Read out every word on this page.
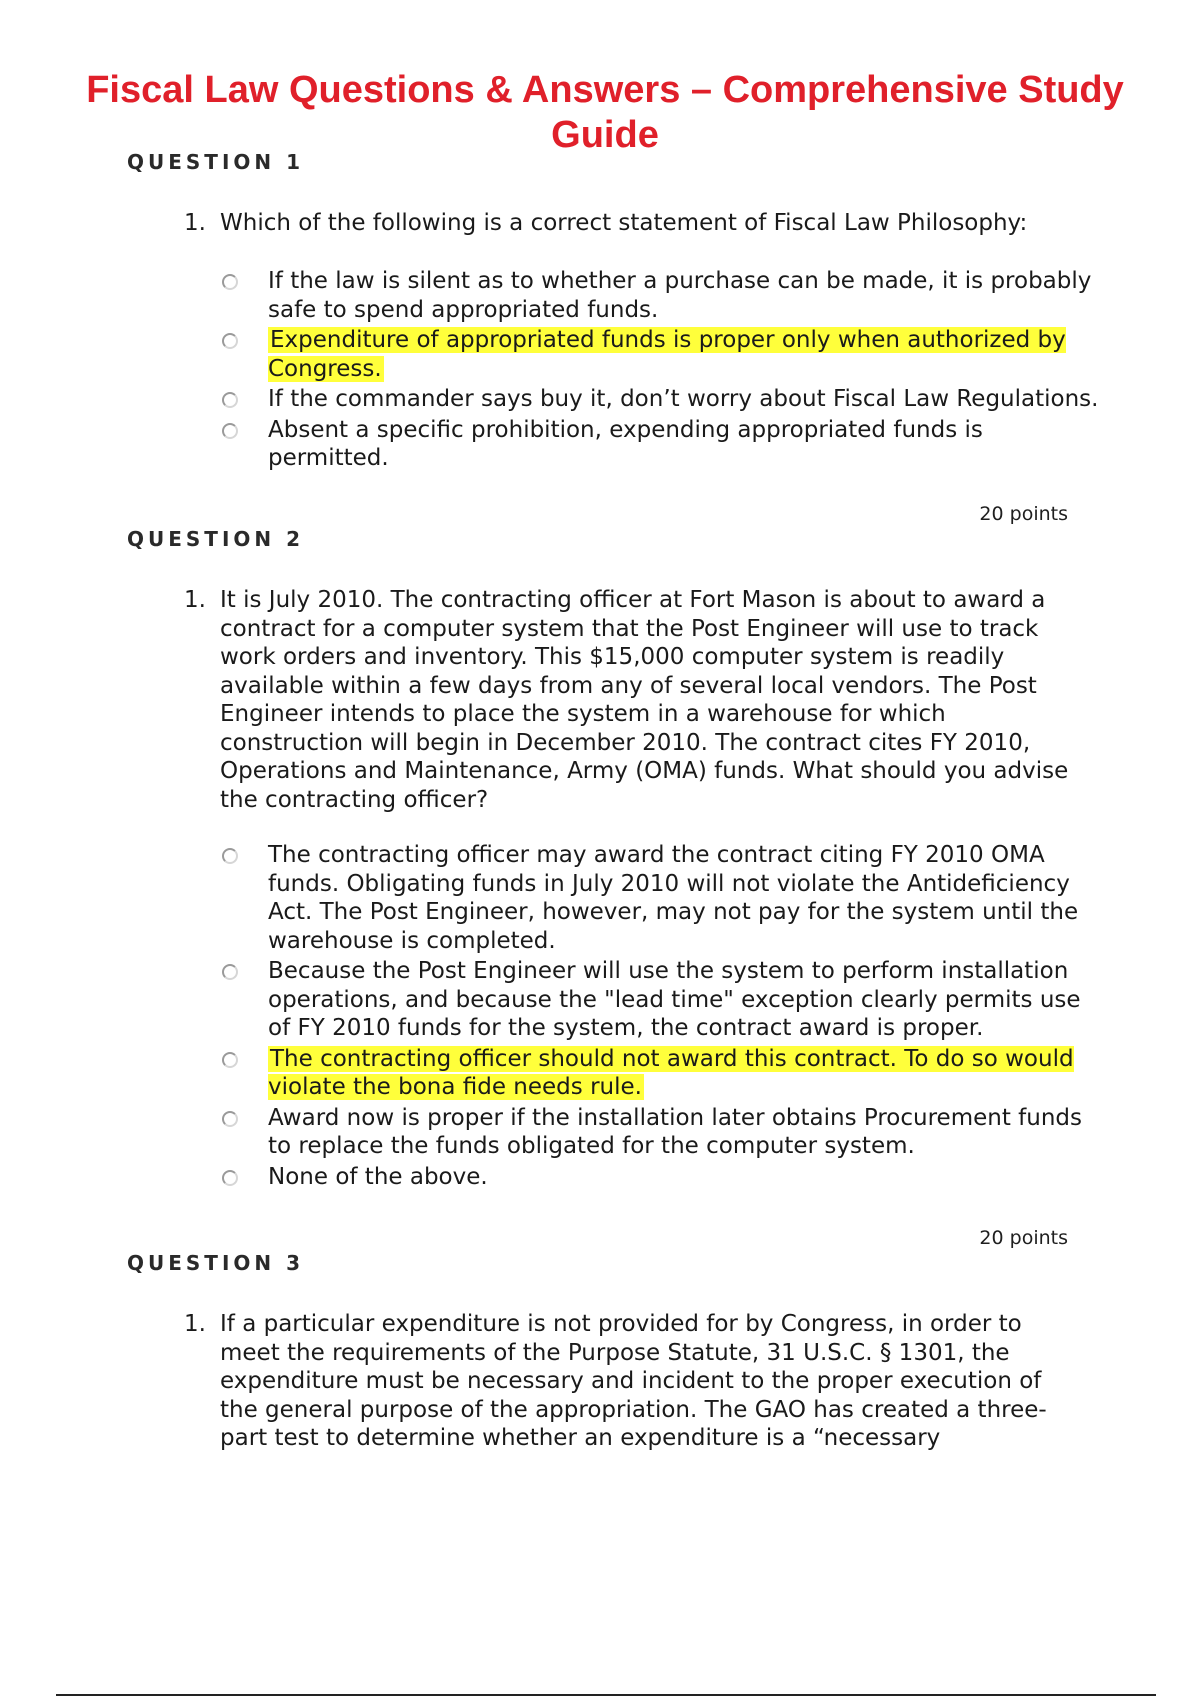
Fiscal Law Questions & Answers – Comprehensive Study Guide
QUESTION 1
1. Which of the following is a correct statement of Fiscal Law Philosophy:
If the law is silent as to whether a purchase can be made, it is probably safe to spend appropriated funds.
Expenditure of appropriated funds is proper only when authorized by Congress.
If the commander says buy it, don’t worry about Fiscal Law Regulations.
Absent a specific prohibition, expending appropriated funds is permitted.
20 points
QUESTION 2
1. It is July 2010. The contracting officer at Fort Mason is about to award a contract for a computer system that the Post Engineer will use to track work orders and inventory. This $15,000 computer system is readily available within a few days from any of several local vendors. The Post Engineer intends to place the system in a warehouse for which construction will begin in December 2010. The contract cites FY 2010, Operations and Maintenance, Army (OMA) funds. What should you advise the contracting officer?
The contracting officer may award the contract citing FY 2010 OMA funds. Obligating funds in July 2010 will not violate the Antideficiency Act. The Post Engineer, however, may not pay for the system until the warehouse is completed.
Because the Post Engineer will use the system to perform installation operations, and because the "lead time" exception clearly permits use of FY 2010 funds for the system, the contract award is proper.
The contracting officer should not award this contract. To do so would violate the bona fide needs rule.
Award now is proper if the installation later obtains Procurement funds to replace the funds obligated for the computer system.
None of the above.
20 points
QUESTION 3
1. If a particular expenditure is not provided for by Congress, in order to meet the requirements of the Purpose Statute, 31 U.S.C. § 1301, the expenditure must be necessary and incident to the proper execution of the general purpose of the appropriation. The GAO has created a three-part test to determine whether an expenditure is a “necessary
